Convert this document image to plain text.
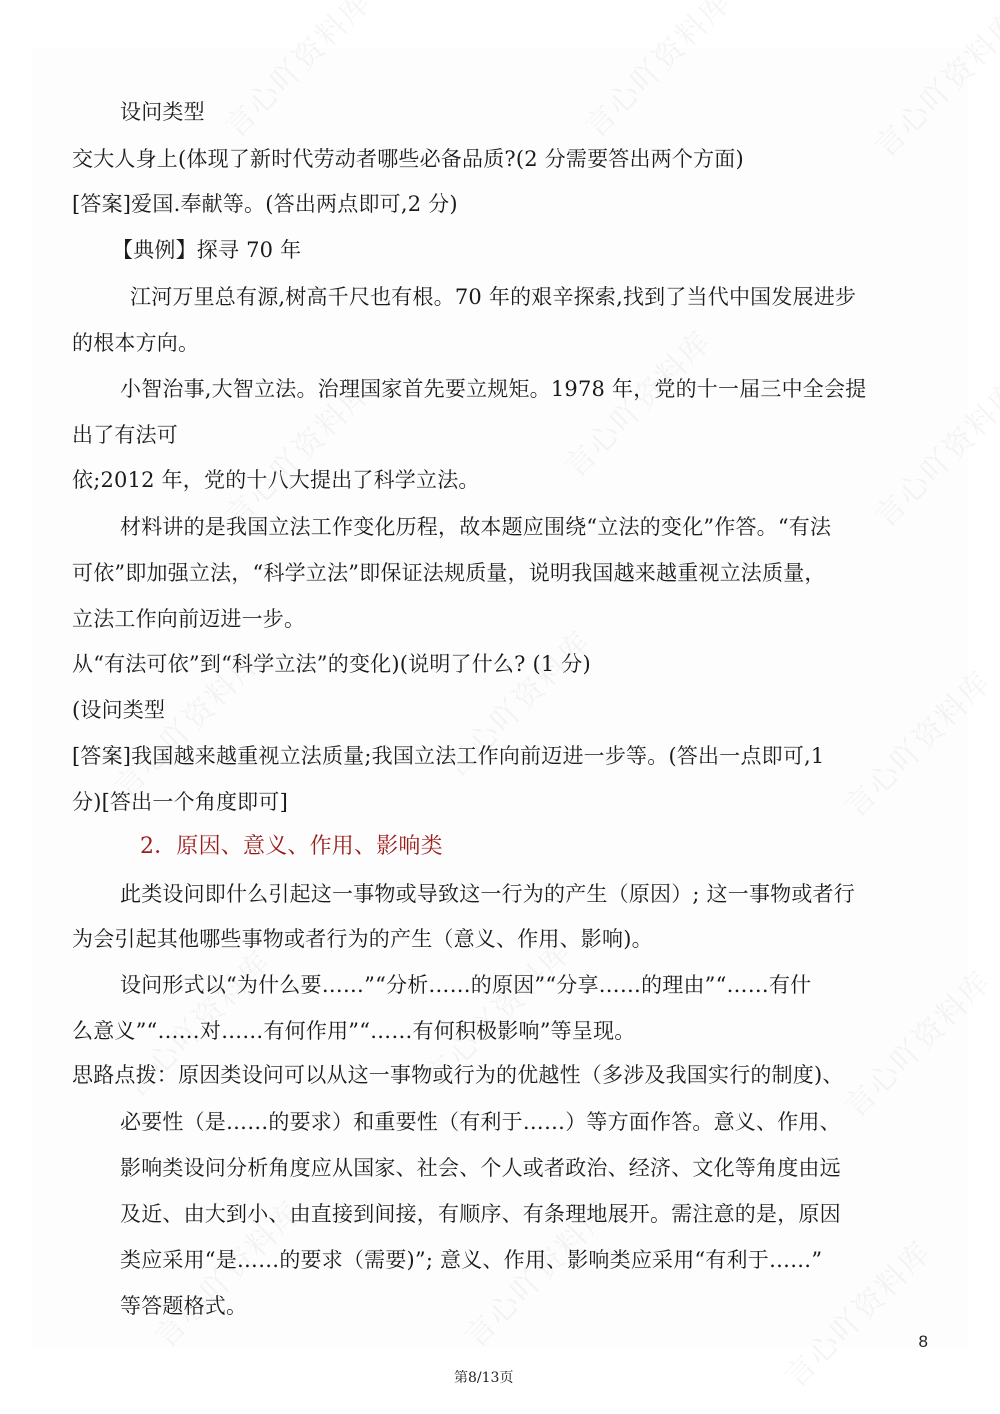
设问类型
交大人身上(体现了新时代劳动者哪些必备品质?(2 分需要答出两个方面)
[答案]爱国.奉献等。(答出两点即可,2 分)
【典例】探寻 70 年
江河万里总有源,树高千尺也有根。70 年的艰辛探索,找到了当代中国发展进步
的根本方向。
小智治事,大智立法。治理国家首先要立规矩。1978 年，党的十一届三中全会提
出了有法可
依;2012 年，党的十八大提出了科学立法。
材料讲的是我国立法工作变化历程，故本题应围绕“立法的变化”作答。“有法
可依”即加强立法，“科学立法”即保证法规质量，说明我国越来越重视立法质量，
立法工作向前迈进一步。
从“有法可依”到“科学立法”的变化)(说明了什么? (1 分)
(设问类型
[答案]我国越来越重视立法质量;我国立法工作向前迈进一步等。(答出一点即可,1
分)[答出一个角度即可]
此类设问即什么引起这一事物或导致这一行为的产生（原因）; 这一事物或者行
为会引起其他哪些事物或者行为的产生（意义、作用、影响)。
设问形式以“为什么要……”“分析……的原因”“分享……的理由”“……有什
么意义”“……对……有何作用”“……有何积极影响”等呈现。
思路点拨：原因类设问可以从这一事物或行为的优越性（多涉及我国实行的制度)、
必要性（是……的要求）和重要性（有利于……）等方面作答。意义、作用、
影响类设问分析角度应从国家、社会、个人或者政治、经济、文化等角度由远
及近、由大到小、由直接到间接，有顺序、有条理地展开。需注意的是，原因
类应采用“是……的要求（需要)”; 意义、作用、影响类应采用“有利于……”
等答题格式。
2．原因、意义、作用、影响类
8
第8/13页
